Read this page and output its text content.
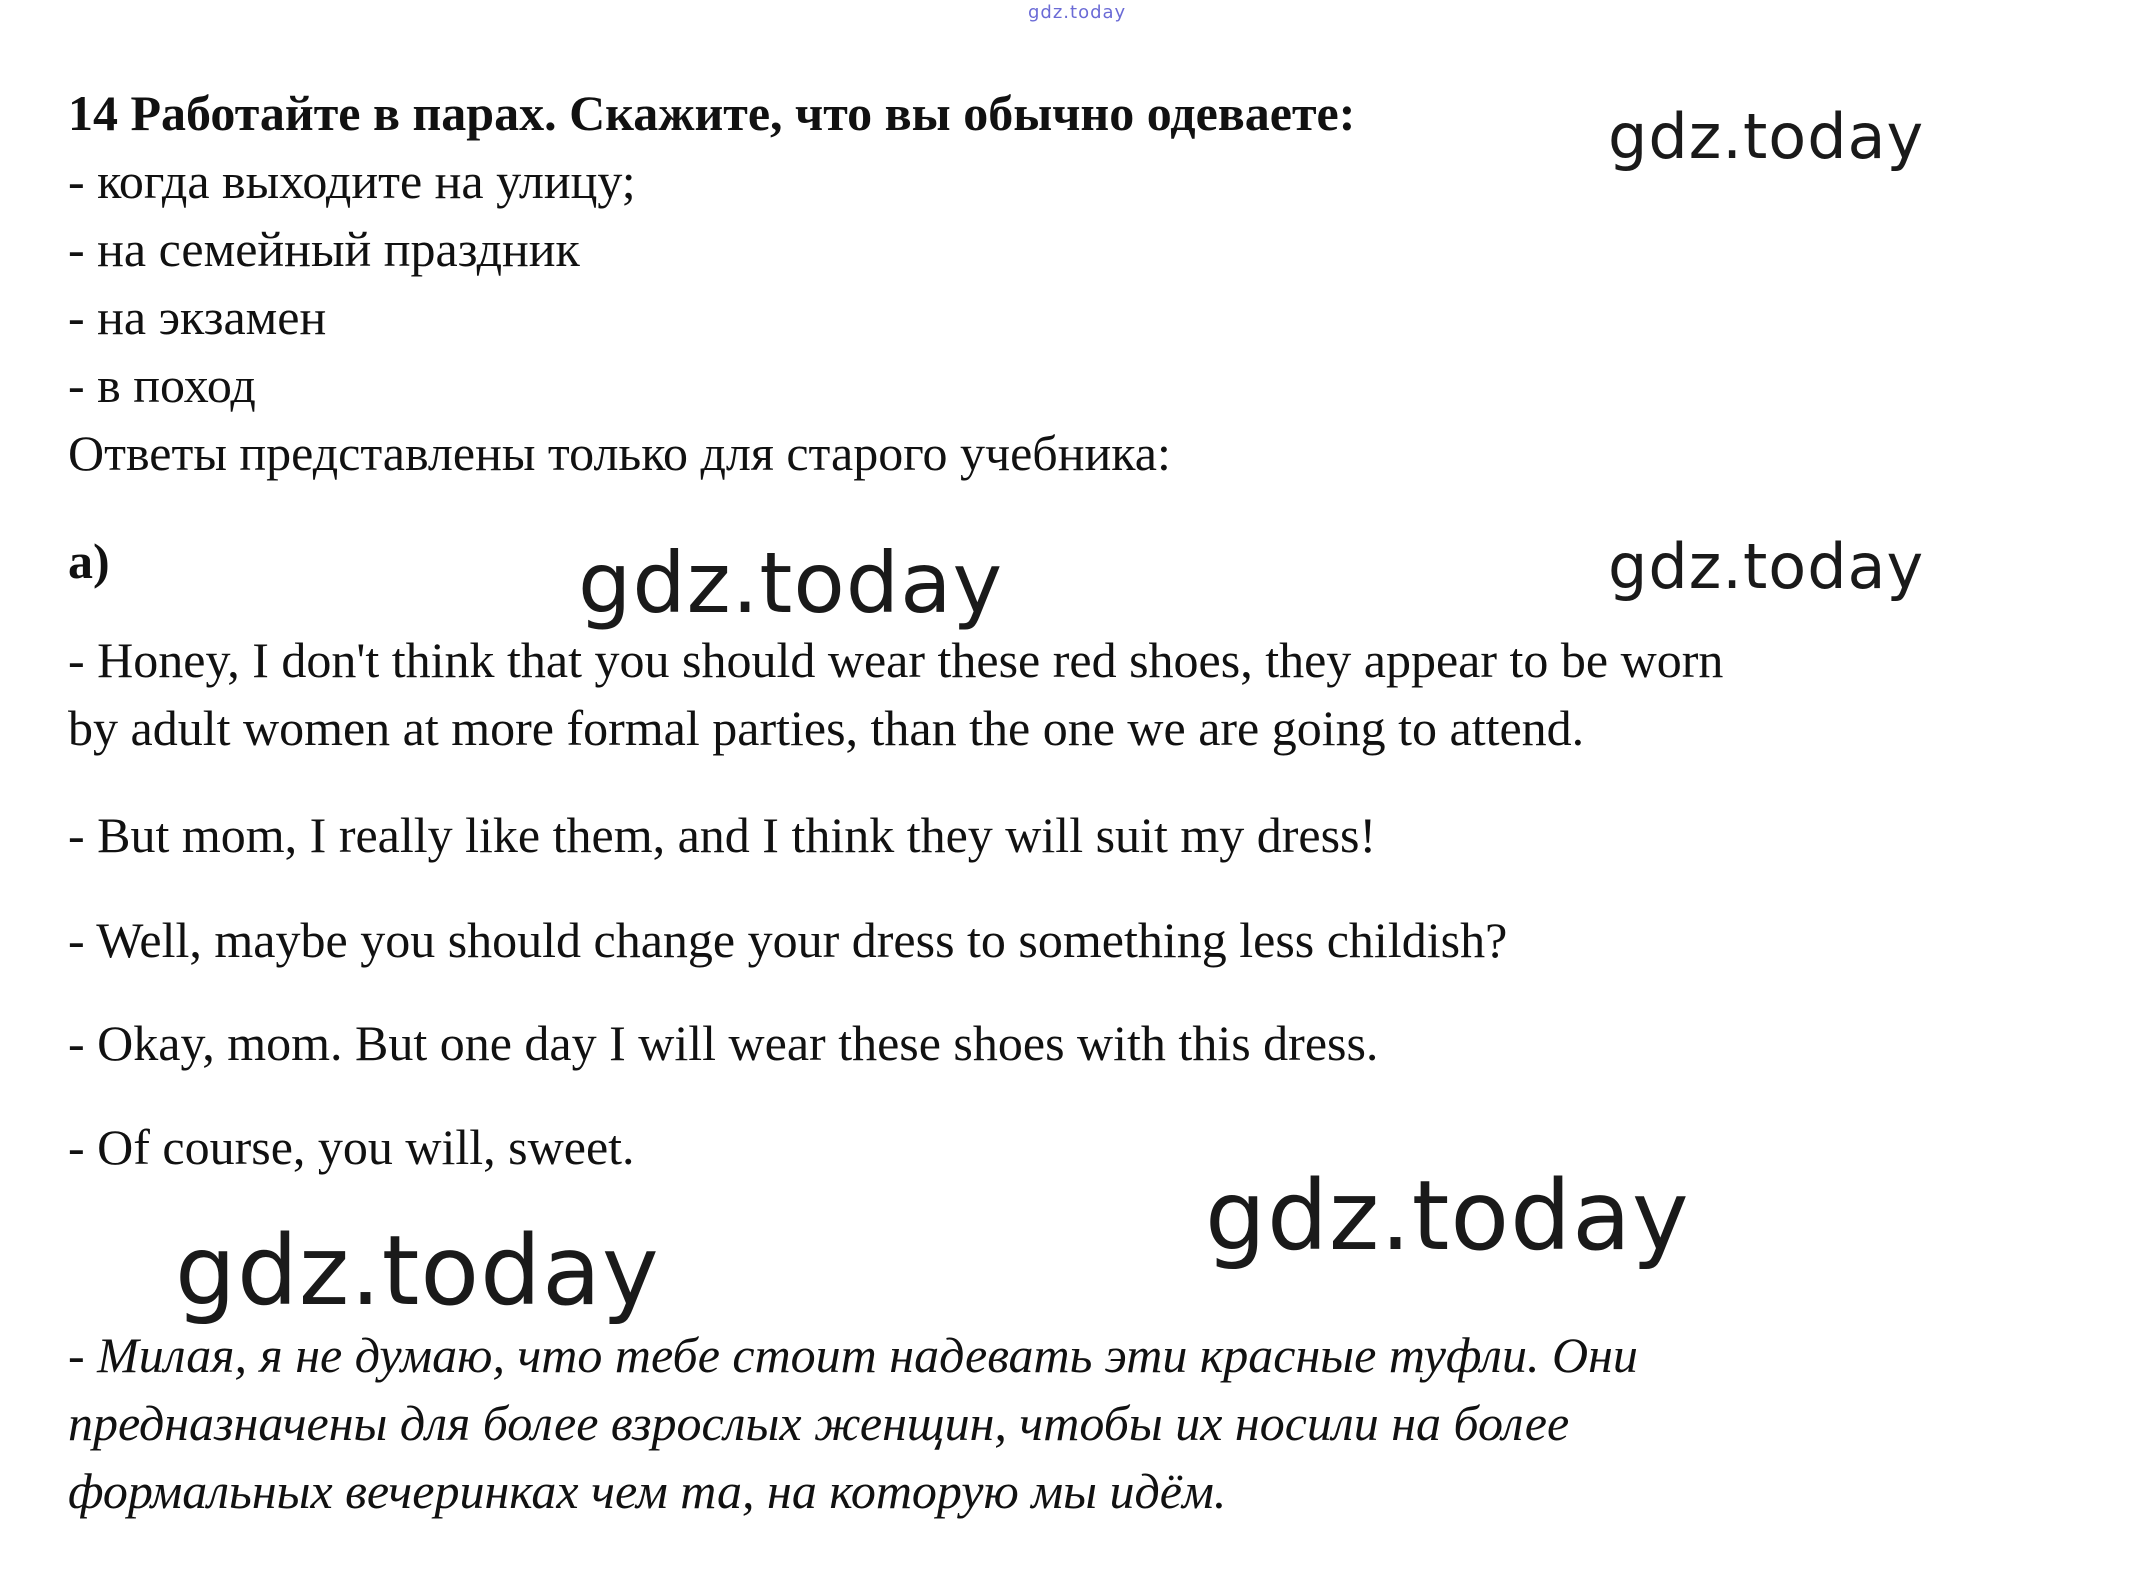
gdz.today
gdz.today
gdz.today
gdz.today
gdz.today
gdz.today
14 Работайте в парах. Скажите, что вы обычно одеваете:
- когда выходите на улицу;
- на семейный праздник
- на экзамен
- в поход
Ответы представлены только для старого учебника:
а)
- Honey, I don't think that you should wear these red shoes, they appear to be worn
by adult women at more formal parties, than the one we are going to attend.
- But mom, I really like them, and I think they will suit my dress!
- Well, maybe you should change your dress to something less childish?
- Okay, mom. But one day I will wear these shoes with this dress.
- Of course, you will, sweet.
- Милая, я не думаю, что тебе стоит надевать эти красные туфли. Они
предназначены для более взрослых женщин, чтобы их носили на более
формальных вечеринках чем та, на которую мы идём.
